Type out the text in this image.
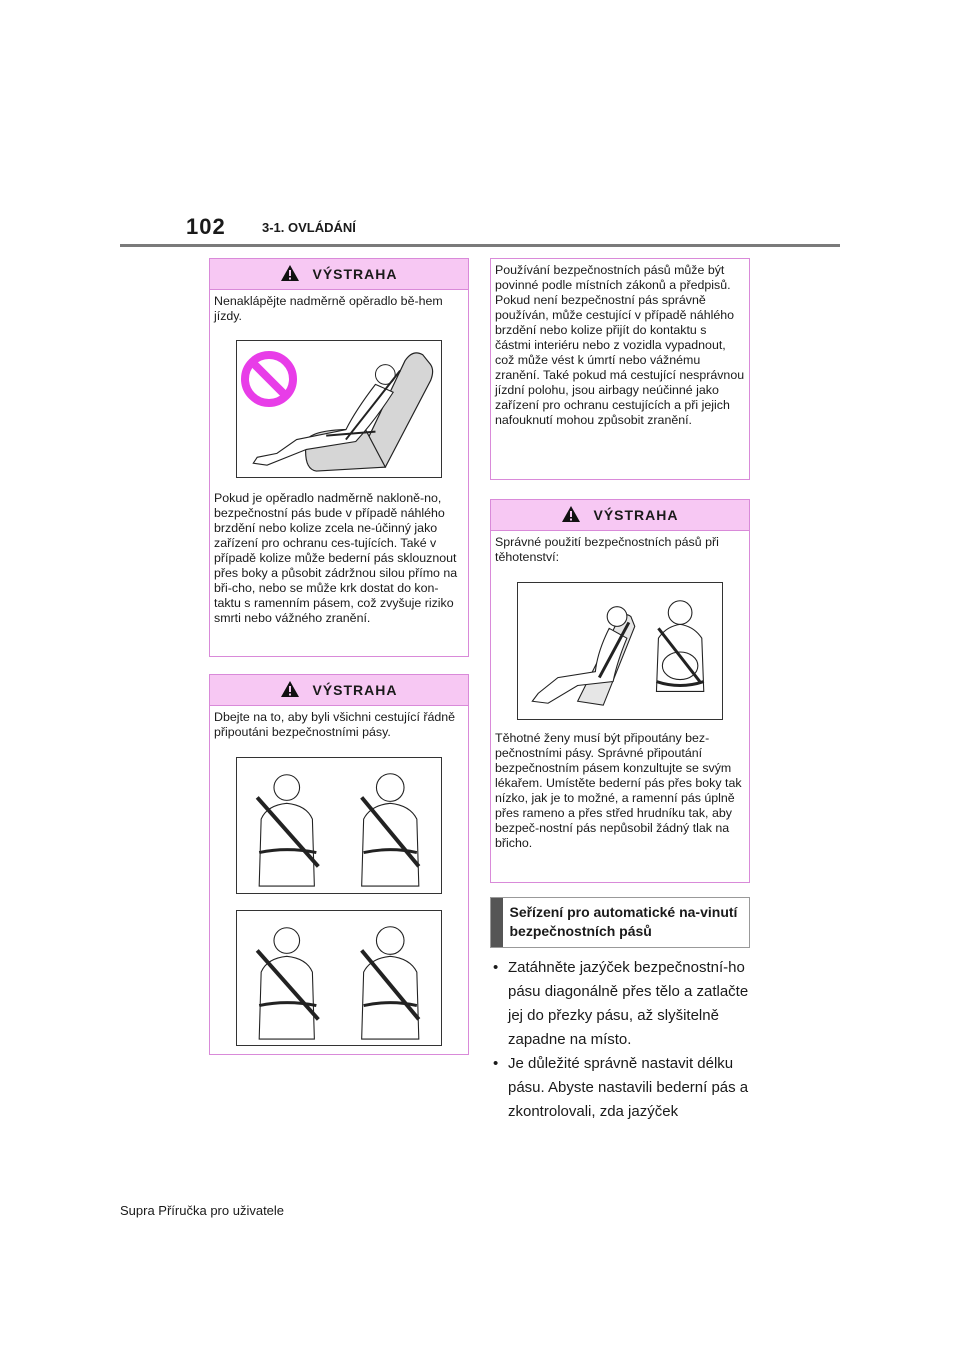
102	3-1. OVLÁDÁNÍ
VÝSTRAHA
Nenaklápějte nadměrně opěradlo bě-hem jízdy.
Pokud je opěradlo nadměrně nakloně-no, bezpečnostní pás bude v případě náhlého brzdění nebo kolize zcela ne-účinný jako zařízení pro ochranu ces-tujících. Také v případě kolize může bederní pás sklouznout přes boky a působit zádržnou silou přímo na bři-cho, nebo se může krk dostat do kon-taktu s ramenním pásem, což zvyšuje riziko smrti nebo vážného zranění.
VÝSTRAHA
Dbejte na to, aby byli všichni cestující řádně připoutáni bezpečnostními pásy.
Používání bezpečnostních pásů může být povinné podle místních zákonů a předpisů. Pokud není bezpečnostní pás správně používán, může cestující v případě náhlého brzdění nebo kolize přijít do kontaktu s částmi interiéru nebo z vozidla vypadnout, což může vést k úmrtí nebo vážnému zranění. Také pokud má cestující nesprávnou jízdní polohu, jsou airbagy neúčinné jako zařízení pro ochranu cestujících a při jejich nafouknutí mohou způsobit zranění.
VÝSTRAHA
Správné použití bezpečnostních pásů při těhotenství:
Těhotné ženy musí být připoutány bez-pečnostními pásy. Správné připoutání bezpečnostním pásem konzultujte se svým lékařem. Umístěte bederní pás přes boky tak nízko, jak je to možné, a ramenní pás úplně přes rameno a přes střed hrudníku tak, aby bezpeč-nostní pás nepůsobil žádný tlak na břicho.
Seřízení pro automatické na-vinutí bezpečnostních pásů
• Zatáhněte jazýček bezpečnostní-ho pásu diagonálně přes tělo a zatlačte jej do přezky pásu, až slyšitelně zapadne na místo.
• Je důležité správně nastavit délku pásu. Abyste nastavili bederní pás a zkontrolovali, zda jazýček
Supra Příručka pro uživatele
